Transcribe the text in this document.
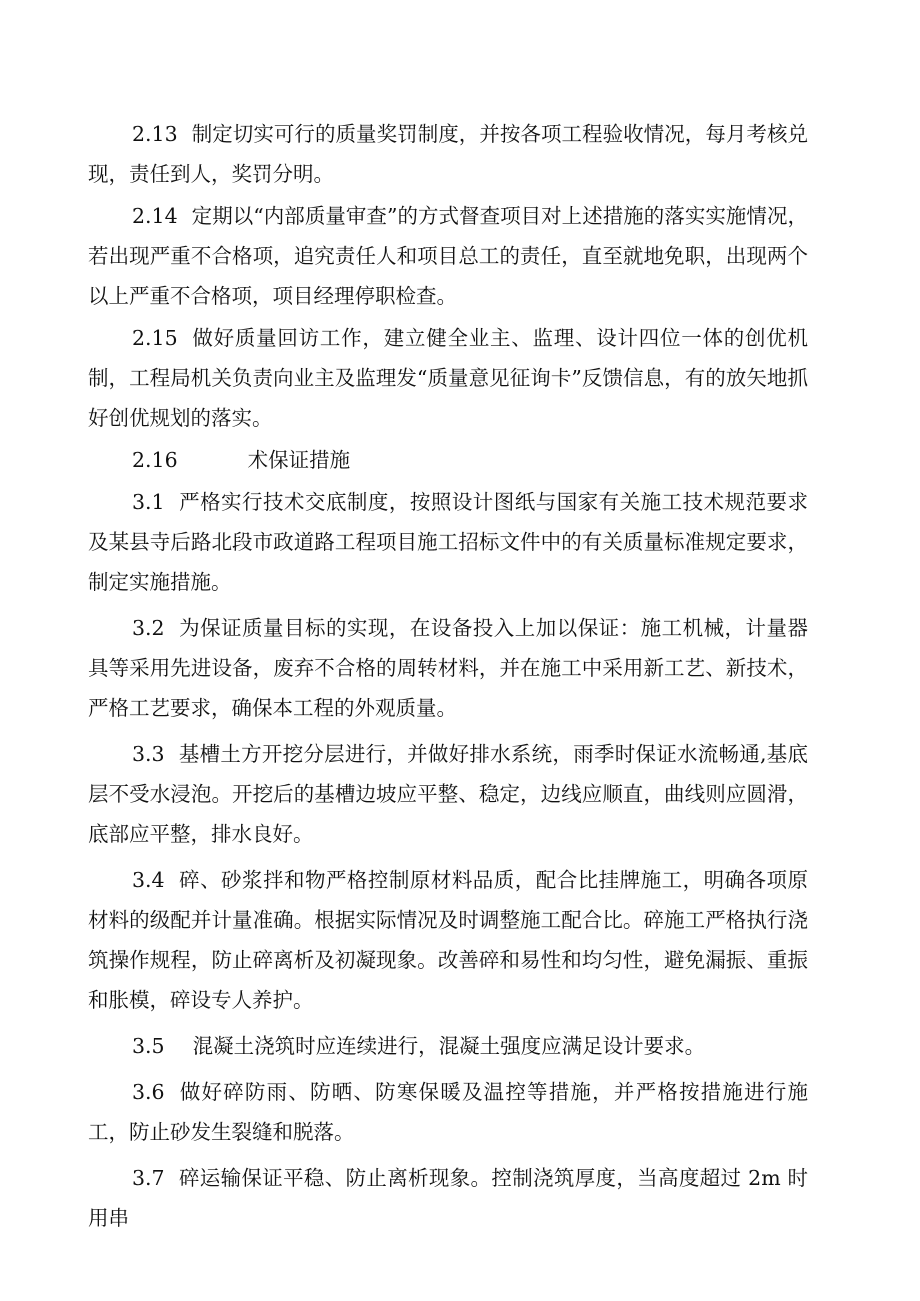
2.13 制定切实可行的质量奖罚制度，并按各项工程验收情况，每月考核兑现，责任到人，奖罚分明。

2.14 定期以“内部质量审查”的方式督查项目对上述措施的落实实施情况，若出现严重不合格项，追究责任人和项目总工的责任，直至就地免职，出现两个以上严重不合格项，项目经理停职检查。

2.15 做好质量回访工作，建立健全业主、监理、设计四位一体的创优机制，工程局机关负责向业主及监理发“质量意见征询卡”反馈信息，有的放矢地抓好创优规划的落实。

2.16	术保证措施

3.1 严格实行技术交底制度，按照设计图纸与国家有关施工技术规范要求及某县寺后路北段市政道路工程项目施工招标文件中的有关质量标准规定要求，制定实施措施。

3.2 为保证质量目标的实现，在设备投入上加以保证：施工机械，计量器具等采用先进设备，废弃不合格的周转材料，并在施工中采用新工艺、新技术，严格工艺要求，确保本工程的外观质量。

3.3 基槽土方开挖分层进行，并做好排水系统，雨季时保证水流畅通,基底层不受水浸泡。开挖后的基槽边坡应平整、稳定，边线应顺直，曲线则应圆滑，底部应平整，排水良好。

3.4 碎、砂浆拌和物严格控制原材料品质，配合比挂牌施工，明确各项原材料的级配并计量准确。根据实际情况及时调整施工配合比。碎施工严格执行浇筑操作规程，防止碎离析及初凝现象。改善碎和易性和均匀性，避免漏振、重振和胀模，碎设专人养护。

3.5 混凝土浇筑时应连续进行，混凝土强度应满足设计要求。

3.6 做好碎防雨、防晒、防寒保暖及温控等措施，并严格按措施进行施工，防止砂发生裂缝和脱落。

3.7 碎运输保证平稳、防止离析现象。控制浇筑厚度，当高度超过 2m 时用串
